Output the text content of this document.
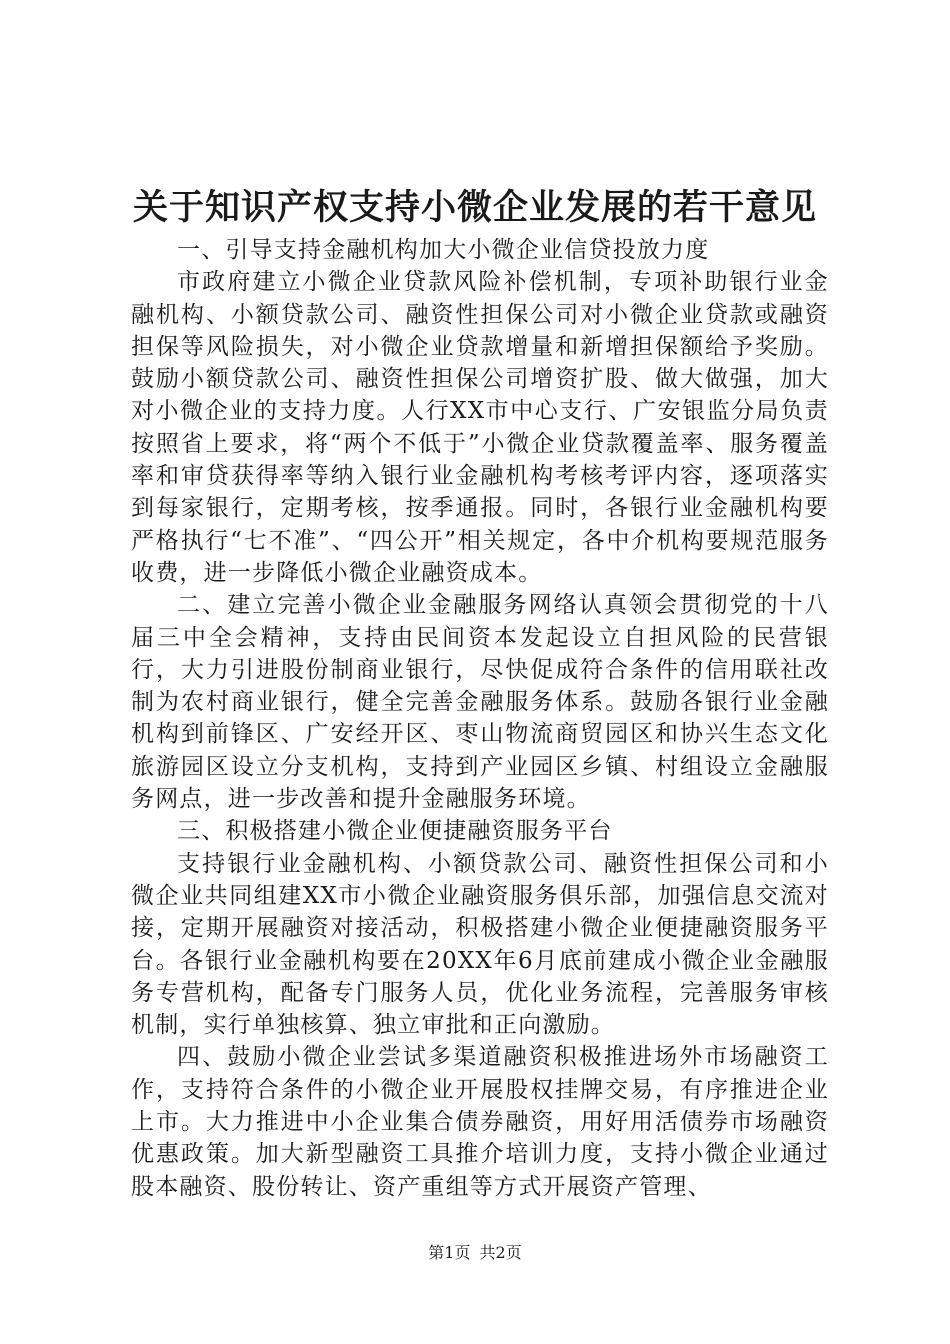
关于知识产权支持小微企业发展的若干意见

一、引导支持金融机构加大小微企业信贷投放力度

市政府建立小微企业贷款风险补偿机制，专项补助银行业金融机构、小额贷款公司、融资性担保公司对小微企业贷款或融资担保等风险损失，对小微企业贷款增量和新增担保额给予奖励。鼓励小额贷款公司、融资性担保公司增资扩股、做大做强，加大对小微企业的支持力度。人行XX市中心支行、广安银监分局负责按照省上要求，将“两个不低于”小微企业贷款覆盖率、服务覆盖率和审贷获得率等纳入银行业金融机构考核考评内容，逐项落实到每家银行，定期考核，按季通报。同时，各银行业金融机构要严格执行“七不准”、“四公开”相关规定，各中介机构要规范服务收费，进一步降低小微企业融资成本。

二、建立完善小微企业金融服务网络认真领会贯彻党的十八届三中全会精神，支持由民间资本发起设立自担风险的民营银行，大力引进股份制商业银行，尽快促成符合条件的信用联社改制为农村商业银行，健全完善金融服务体系。鼓励各银行业金融机构到前锋区、广安经开区、枣山物流商贸园区和协兴生态文化旅游园区设立分支机构，支持到产业园区乡镇、村组设立金融服务网点，进一步改善和提升金融服务环境。

三、积极搭建小微企业便捷融资服务平台

支持银行业金融机构、小额贷款公司、融资性担保公司和小微企业共同组建XX市小微企业融资服务俱乐部，加强信息交流对接，定期开展融资对接活动，积极搭建小微企业便捷融资服务平台。各银行业金融机构要在20XX年6月底前建成小微企业金融服务专营机构，配备专门服务人员，优化业务流程，完善服务审核机制，实行单独核算、独立审批和正向激励。

四、鼓励小微企业尝试多渠道融资积极推进场外市场融资工作，支持符合条件的小微企业开展股权挂牌交易，有序推进企业上市。大力推进中小企业集合债券融资，用好用活债券市场融资优惠政策。加大新型融资工具推介培训力度，支持小微企业通过股本融资、股份转让、资产重组等方式开展资产管理、

第1页 共2页
